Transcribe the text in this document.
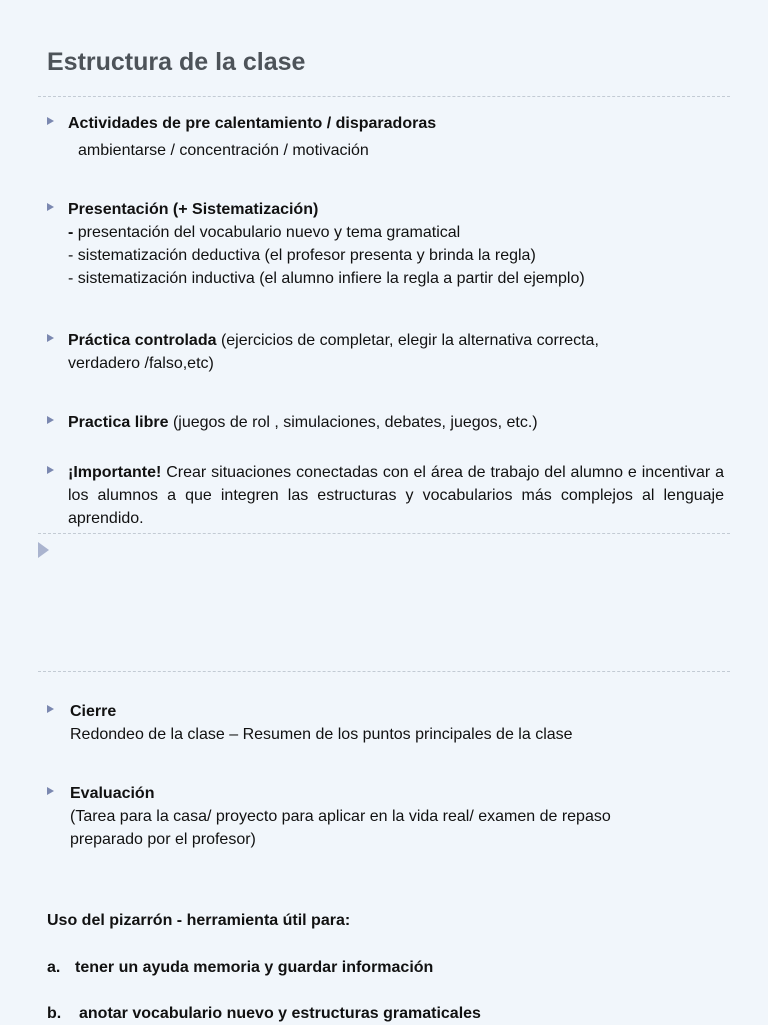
Estructura de la clase
Actividades de pre calentamiento / disparadoras
ambientarse / concentración / motivación
Presentación (+ Sistematización)
- presentación del vocabulario nuevo y tema gramatical
- sistematización deductiva (el profesor presenta y brinda la regla)
- sistematización inductiva (el alumno infiere la regla a partir del ejemplo)
Práctica controlada (ejercicios de completar, elegir la alternativa correcta, verdadero /falso,etc)
Practica libre (juegos de rol , simulaciones, debates, juegos, etc.)
¡Importante! Crear situaciones conectadas con el área de trabajo del alumno e incentivar a los alumnos a que integren las estructuras y vocabularios más complejos al lenguaje aprendido.
Cierre
Redondeo de la clase – Resumen de los puntos principales de la clase
Evaluación
(Tarea para la casa/ proyecto para aplicar en la vida real/ examen de repaso preparado por el profesor)
Uso del pizarrón - herramienta útil para:
a. tener un ayuda memoria y guardar información
b. anotar vocabulario nuevo y estructuras gramaticales
